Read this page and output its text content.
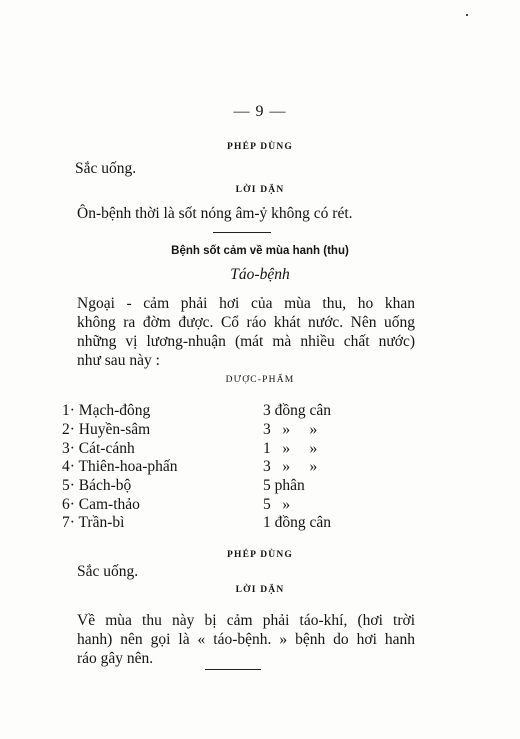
— 9 —
PHÉP DÙNG
Sắc uống.
LỜI DẶN
Ôn-bệnh thời là sốt nóng âm-ỷ không có rét.
Bệnh sốt cảm về mùa hanh (thu)
Táo-bệnh
Ngoại - cảm phải hơi của mùa thu, ho khan
không ra đờm được. Cổ ráo khát nước. Nên uống
những vị lương-nhuận (mát mà nhiều chất nước)
như sau này :
DƯỢC-PHẨM
1· Mạch-đông	3 đồng cân
2· Huyền-sâm	3   »     »
3· Cát-cánh	1   »     »
4· Thiên-hoa-phấn	3   »     »
5· Bách-bộ	5 phân
6· Cam-thảo	5   »
7· Trần-bì	1 đồng cân
PHÉP DÙNG
Sắc uống.
LỜI DẶN
Về mùa thu này bị cảm phải táo-khí, (hơi trời
hanh) nên gọi là « táo-bệnh. » bệnh do hơi hanh
ráo gây nên.
